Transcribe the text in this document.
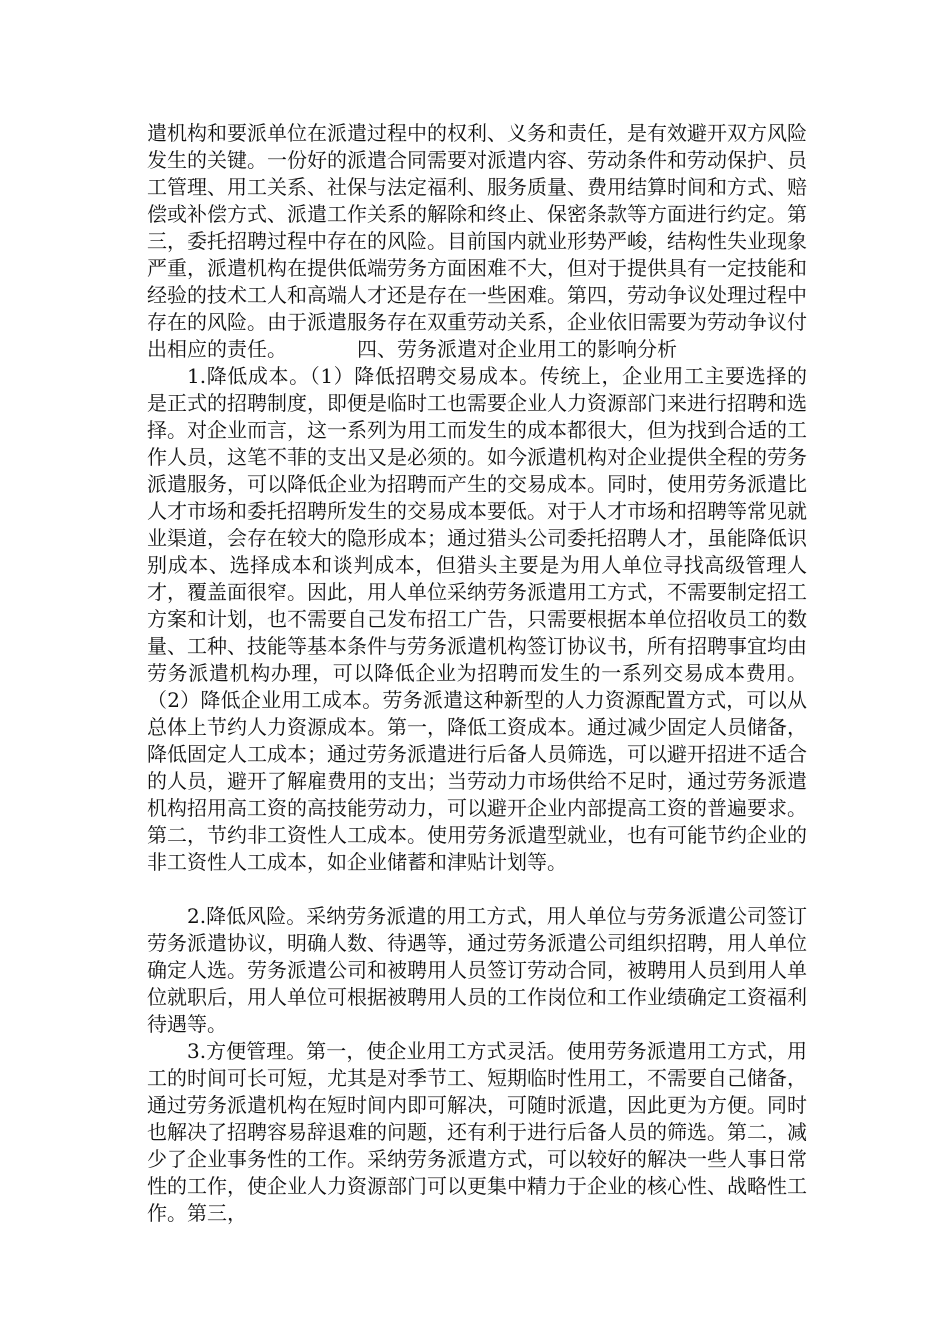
遣机构和要派单位在派遣过程中的权利、义务和责任，是有效避开双方风险发生的关键。一份好的派遣合同需要对派遣内容、劳动条件和劳动保护、员工管理、用工关系、社保与法定福利、服务质量、费用结算时间和方式、赔偿或补偿方式、派遣工作关系的解除和终止、保密条款等方面进行约定。第三，委托招聘过程中存在的风险。目前国内就业形势严峻，结构性失业现象严重，派遣机构在提供低端劳务方面困难不大，但对于提供具有一定技能和经验的技术工人和高端人才还是存在一些困难。第四，劳动争议处理过程中存在的风险。由于派遣服务存在双重劳动关系，企业依旧需要为劳动争议付出相应的责任。　　　　四、劳务派遣对企业用工的影响分析

1.降低成本。（1）降低招聘交易成本。传统上，企业用工主要选择的是正式的招聘制度，即便是临时工也需要企业人力资源部门来进行招聘和选择。对企业而言，这一系列为用工而发生的成本都很大，但为找到合适的工作人员，这笔不菲的支出又是必须的。如今派遣机构对企业提供全程的劳务派遣服务，可以降低企业为招聘而产生的交易成本。同时，使用劳务派遣比人才市场和委托招聘所发生的交易成本要低。对于人才市场和招聘等常见就业渠道，会存在较大的隐形成本；通过猎头公司委托招聘人才，虽能降低识别成本、选择成本和谈判成本，但猎头主要是为用人单位寻找高级管理人才，覆盖面很窄。因此，用人单位采纳劳务派遣用工方式，不需要制定招工方案和计划，也不需要自己发布招工广告，只需要根据本单位招收员工的数量、工种、技能等基本条件与劳务派遣机构签订协议书，所有招聘事宜均由劳务派遣机构办理，可以降低企业为招聘而发生的一系列交易成本费用。（2）降低企业用工成本。劳务派遣这种新型的人力资源配置方式，可以从总体上节约人力资源成本。第一，降低工资成本。通过减少固定人员储备，降低固定人工成本；通过劳务派遣进行后备人员筛选，可以避开招进不适合的人员，避开了解雇费用的支出；当劳动力市场供给不足时，通过劳务派遣机构招用高工资的高技能劳动力，可以避开企业内部提高工资的普遍要求。第二，节约非工资性人工成本。使用劳务派遣型就业，也有可能节约企业的非工资性人工成本，如企业储蓄和津贴计划等。

2.降低风险。采纳劳务派遣的用工方式，用人单位与劳务派遣公司签订劳务派遣协议，明确人数、待遇等，通过劳务派遣公司组织招聘，用人单位确定人选。劳务派遣公司和被聘用人员签订劳动合同，被聘用人员到用人单位就职后，用人单位可根据被聘用人员的工作岗位和工作业绩确定工资福利待遇等。

3.方便管理。第一，使企业用工方式灵活。使用劳务派遣用工方式，用工的时间可长可短，尤其是对季节工、短期临时性用工，不需要自己储备，通过劳务派遣机构在短时间内即可解决，可随时派遣，因此更为方便。同时也解决了招聘容易辞退难的问题，还有利于进行后备人员的筛选。第二，减少了企业事务性的工作。采纳劳务派遣方式，可以较好的解决一些人事日常性的工作，使企业人力资源部门可以更集中精力于企业的核心性、战略性工作。第三，
